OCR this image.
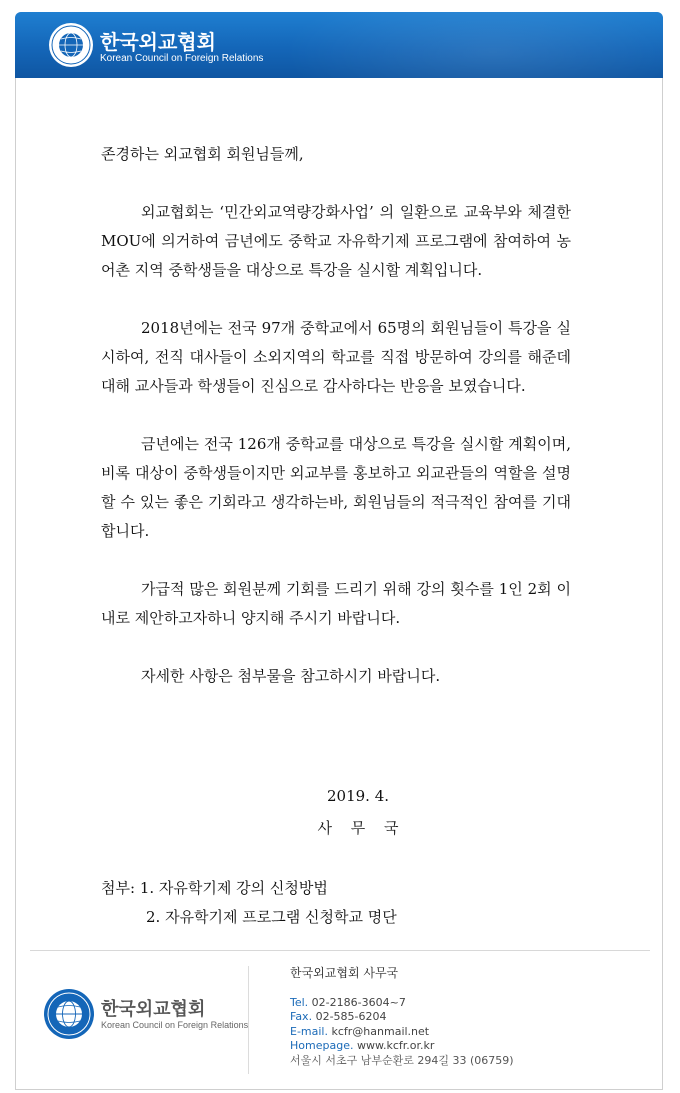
한국외교협회
Korean Council on Foreign Relations

존경하는 외교협회 회원님들께,

외교협회는 ‘민간외교역량강화사업’ 의 일환으로 교육부와 체결한 MOU에 의거하여 금년에도 중학교 자유학기제 프로그램에 참여하여 농어촌 지역 중학생들을 대상으로 특강을 실시할 계획입니다.

2018년에는 전국 97개 중학교에서 65명의 회원님들이 특강을 실시하여, 전직 대사들이 소외지역의 학교를 직접 방문하여 강의를 해준데 대해 교사들과 학생들이 진심으로 감사하다는 반응을 보였습니다.

금년에는 전국 126개 중학교를 대상으로 특강을 실시할 계획이며, 비록 대상이 중학생들이지만 외교부를 홍보하고 외교관들의 역할을 설명할 수 있는 좋은 기회라고 생각하는바, 회원님들의 적극적인 참여를 기대합니다.

가급적 많은 회원분께 기회를 드리기 위해 강의 횟수를 1인 2회 이내로 제안하고자하니 양지해 주시기 바랍니다.

자세한 사항은 첨부물을 참고하시기 바랍니다.

2019. 4.
사 무 국
첨부: 1. 자유학기제 강의 신청방법
2. 자유학기제 프로그램 신청학교 명단
한국외교협회
Korean Council on Foreign Relations
한국외교협회 사무국
Tel. 02-2186-3604~7
Fax. 02-585-6204
E-mail. kcfr@hanmail.net
Homepage. www.kcfr.or.kr
서울시 서초구 남부순환로 294길 33 (06759)
